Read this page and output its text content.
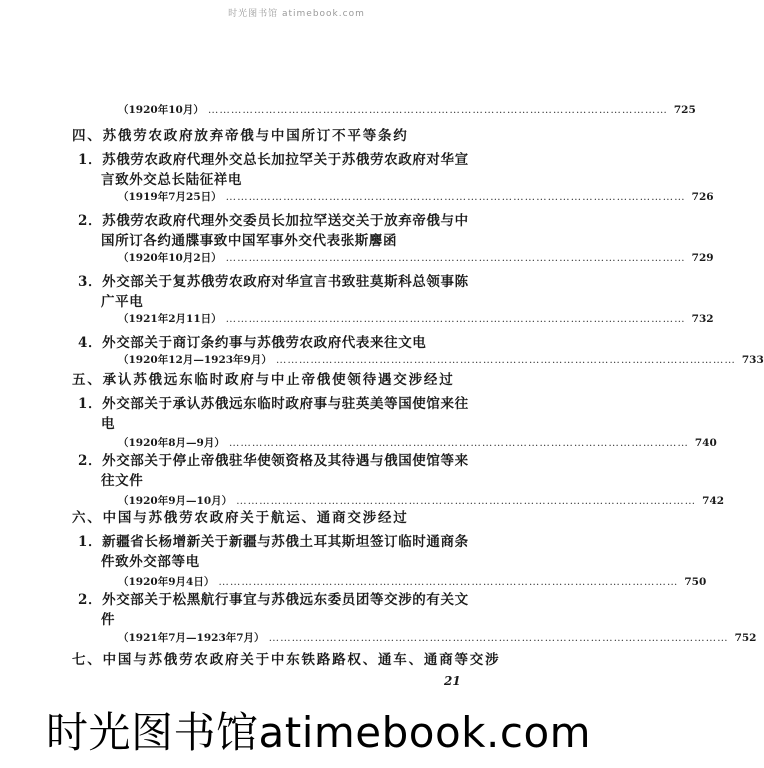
时光图书馆 atimebook.com
（1920年10月） ………………………………………………………………………………………………………… 725
四、苏俄劳农政府放弃帝俄与中国所订不平等条约
1．苏俄劳农政府代理外交总长加拉罕关于苏俄劳农政府对华宣
言致外交总长陆征祥电
（1919年7月25日） ………………………………………………………………………………………………………… 726
2．苏俄劳农政府代理外交委员长加拉罕送交关于放弃帝俄与中
国所订各约通牒事致中国军事外交代表张斯麐函
（1920年10月2日） ………………………………………………………………………………………………………… 729
3．外交部关于复苏俄劳农政府对华宣言书致驻莫斯科总领事陈
广平电
（1921年2月11日） ………………………………………………………………………………………………………… 732
4．外交部关于商订条约事与苏俄劳农政府代表来往文电
（1920年12月—1923年9月） ………………………………………………………………………………………………………… 733
五、承认苏俄远东临时政府与中止帝俄使领待遇交涉经过
1．外交部关于承认苏俄远东临时政府事与驻英美等国使馆来往
电
（1920年8月—9月） ………………………………………………………………………………………………………… 740
2．外交部关于停止帝俄驻华使领资格及其待遇与俄国使馆等来
往文件
（1920年9月—10月） ………………………………………………………………………………………………………… 742
六、中国与苏俄劳农政府关于航运、通商交涉经过
1．新疆省长杨增新关于新疆与苏俄土耳其斯坦签订临时通商条
件致外交部等电
（1920年9月4日） ………………………………………………………………………………………………………… 750
2．外交部关于松黑航行事宜与苏俄远东委员团等交涉的有关文
件
（1921年7月—1923年7月） ………………………………………………………………………………………………………… 752
七、中国与苏俄劳农政府关于中东铁路路权、通车、通商等交涉
21
时光图书馆atimebook.com
